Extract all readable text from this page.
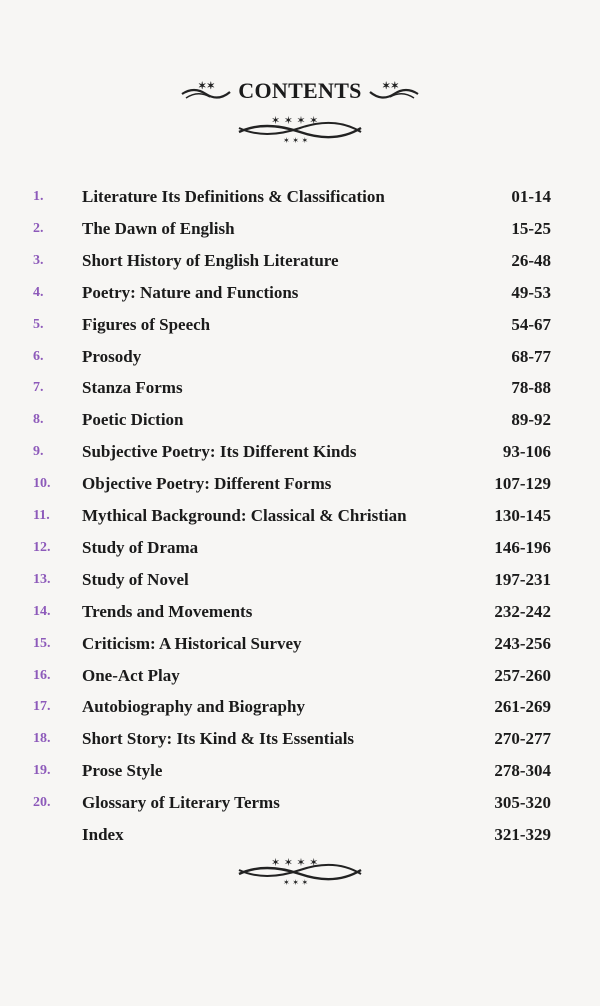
✶✶ CONTENTS ✶✶
✶ ✶ ✶ ✶
✶ ✶ ✶
1. Literature Its Definitions & Classification	01-14
2. The Dawn of English	15-25
3. Short History of English Literature	26-48
4. Poetry: Nature and Functions	49-53
5. Figures of Speech	54-67
6. Prosody	68-77
7. Stanza Forms	78-88
8. Poetic Diction	89-92
9. Subjective Poetry: Its Different Kinds	93-106
10. Objective Poetry: Different Forms	107-129
11. Mythical Background: Classical & Christian	130-145
12. Study of Drama	146-196
13. Study of Novel	197-231
14. Trends and Movements	232-242
15. Criticism: A Historical Survey	243-256
16. One-Act Play	257-260
17. Autobiography and Biography	261-269
18. Short Story: Its Kind & Its Essentials	270-277
19. Prose Style	278-304
20. Glossary of Literary Terms	305-320
Index	321-329
✶ ✶ ✶ ✶
✶ ✶ ✶
